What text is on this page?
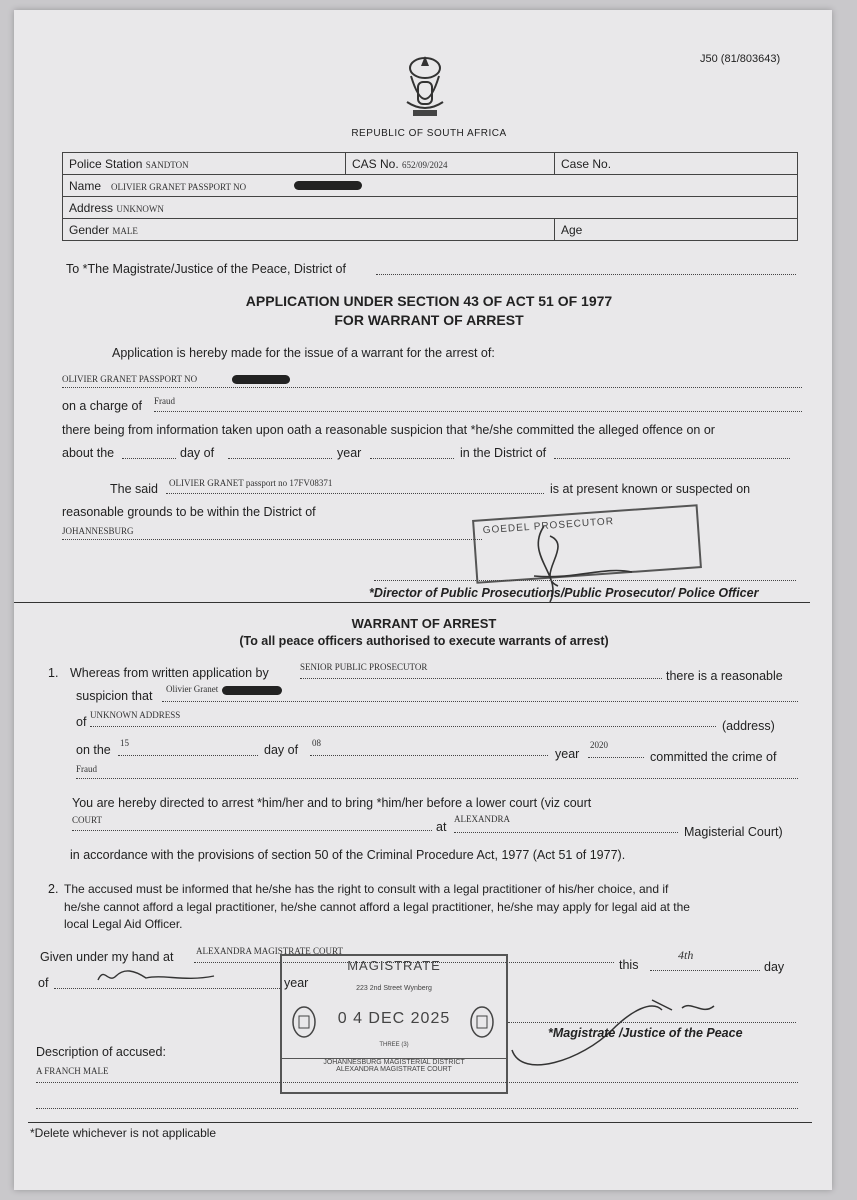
J50 (81/803643)
REPUBLIC OF SOUTH AFRICA
Police Station SANDTON	CAS No. 652/09/2024	Case No.
Name OLIVIER GRANET PASSPORT NO		
Address UNKNOWN		
Gender MALE		Age
To *The Magistrate/Justice of the Peace, District of
APPLICATION UNDER SECTION 43 OF ACT 51 OF 1977
FOR WARRANT OF ARREST
Application is hereby made for the issue of a warrant for the arrest of:
OLIVIER GRANET PASSPORT NO
on a charge of Fraud
there being from information taken upon oath a reasonable suspicion that *he/she committed the alleged offence on or
about the	day of	year	in the District of
The said OLIVIER GRANET passport no 17FV08371	is at present known or suspected on
reasonable grounds to be within the District of
JOHANNESBURG	GOEDEL PROSECUTOR
*Director of Public Prosecutions/Public Prosecutor/ Police Officer
WARRANT OF ARREST
(To all peace officers authorised to execute warrants of arrest)
1. Whereas from written application by	SENIOR PUBLIC PROSECUTOR
there is a reasonable
suspicion that Olivier Granet
of UNKNOWN ADDRESS
(address)
on the 15	day of 08
year
2020
committed the crime of
Fraud
You are hereby directed to arrest *him/her and to bring *him/her before a lower court (viz court
COURT	at
ALEXANDRA
Magisterial Court)
in accordance with the provisions of section 50 of the Criminal Procedure Act, 1977 (Act 51 of 1977).
2. The accused must be informed that he/she has the right to consult with a legal practitioner of his/her choice, and if
he/she cannot afford a legal practitioner, he/she cannot afford a legal practitioner, he/she may apply for legal aid at the
local Legal Aid Officer.
Given under my hand at	ALEXANDRA MAGISTRATE COURT
this
4th
day
of	year
MAGISTRATE
223 2nd Street Wynberg
0 4 DEC 2025
THREE (3)
JOHANNESBURG MAGISTERIAL DISTRICT
ALEXANDRA MAGISTRATE COURT
*Magistrate /Justice of the Peace
Description of accused:
A FRANCH MALE
*Delete whichever is not applicable
